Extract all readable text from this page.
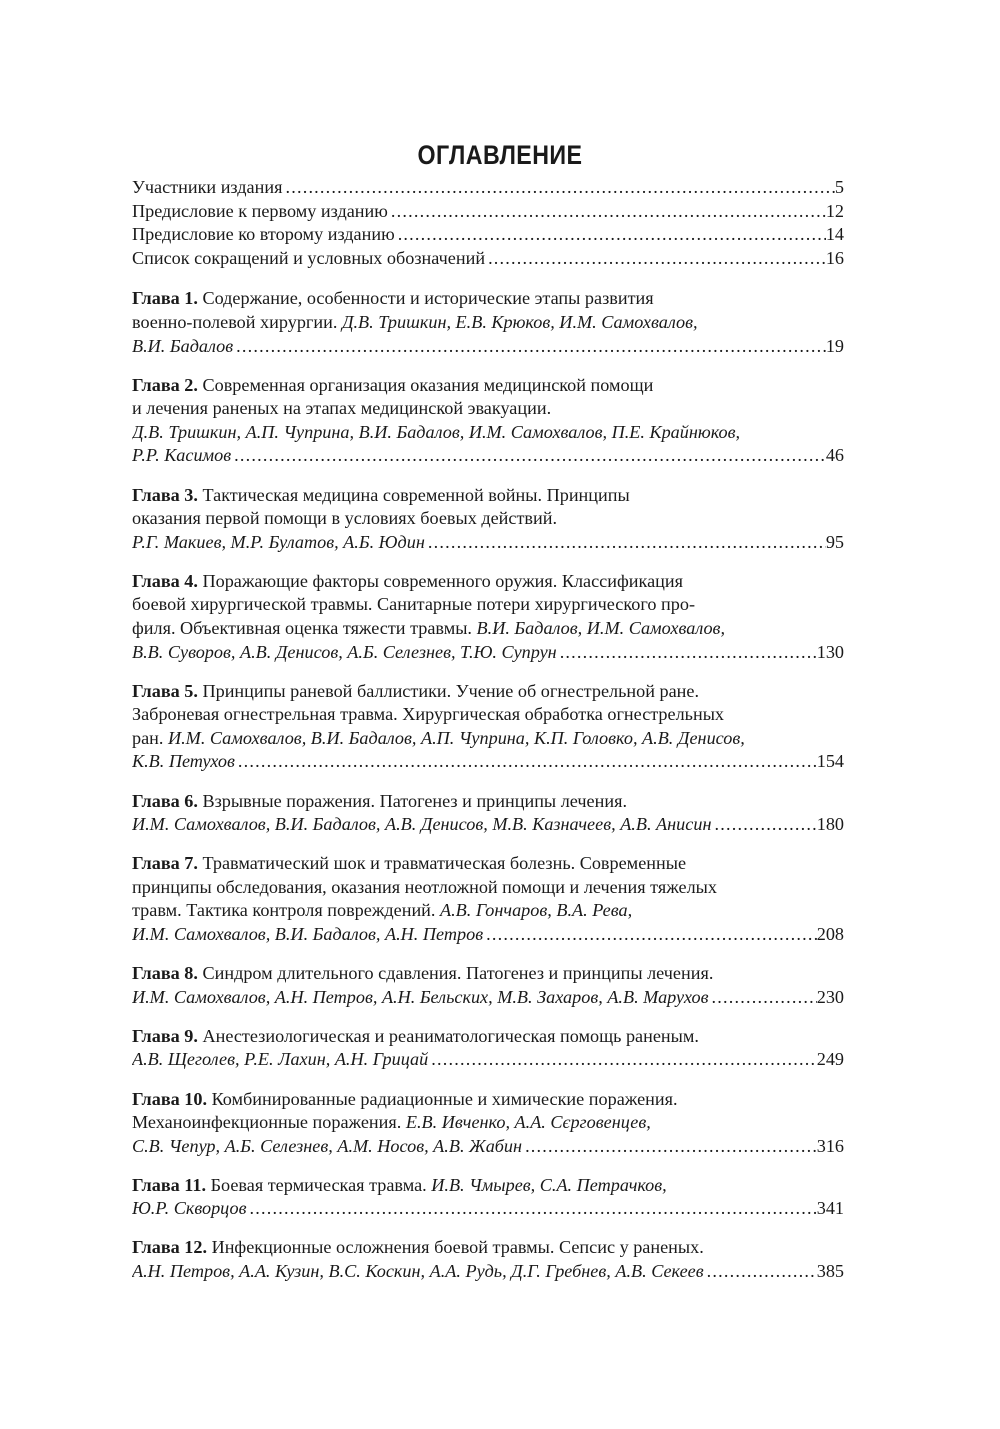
ОГЛАВЛЕНИЕ
Участники издания .....	5
Предисловие к первому изданию .....	12
Предисловие ко второму изданию .....	14
Список сокращений и условных обозначений .....	16
Глава 1. Содержание, особенности и исторические этапы развития
военно-полевой хирургии. Д.В. Тришкин, Е.В. Крюков, И.М. Самохвалов,
В.И. Бадалов .....	19
Глава 2. Современная организация оказания медицинской помощи
и лечения раненых на этапах медицинской эвакуации.
Д.В. Тришкин, А.П. Чуприна, В.И. Бадалов, И.М. Самохвалов, П.Е. Крайнюков,
Р.Р. Касимов .....	46
Глава 3. Тактическая медицина современной войны. Принципы
оказания первой помощи в условиях боевых действий.
Р.Г. Макиев, М.Р. Булатов, А.Б. Юдин .....	95
Глава 4. Поражающие факторы современного оружия. Классификация
боевой хирургической травмы. Санитарные потери хирургического про-
филя. Объективная оценка тяжести травмы. В.И. Бадалов, И.М. Самохвалов,
В.В. Суворов, А.В. Денисов, А.Б. Селезнев, Т.Ю. Супрун .....	130
Глава 5. Принципы раневой баллистики. Учение об огнестрельной ране.
Заброневая огнестрельная травма. Хирургическая обработка огнестрельных
ран. И.М. Самохвалов, В.И. Бадалов, А.П. Чуприна, К.П. Головко, А.В. Денисов,
К.В. Петухов .....	154
Глава 6. Взрывные поражения. Патогенез и принципы лечения.
И.М. Самохвалов, В.И. Бадалов, А.В. Денисов, М.В. Казначеев, А.В. Анисин .....	180
Глава 7. Травматический шок и травматическая болезнь. Современные
принципы обследования, оказания неотложной помощи и лечения тяжелых
травм. Тактика контроля повреждений. А.В. Гончаров, В.А. Рева,
И.М. Самохвалов, В.И. Бадалов, А.Н. Петров .....	208
Глава 8. Синдром длительного сдавления. Патогенез и принципы лечения.
И.М. Самохвалов, А.Н. Петров, А.Н. Бельских, М.В. Захаров, А.В. Марухов .....	230
Глава 9. Анестезиологическая и реаниматологическая помощь раненым.
А.В. Щеголев, Р.Е. Лахин, А.Н. Грицай .....	249
Глава 10. Комбинированные радиационные и химические поражения.
Механоинфекционные поражения. Е.В. Ивченко, А.А. Сєрговенцев,
С.В. Чепур, А.Б. Селезнев, А.М. Носов, А.В. Жабин .....	316
Глава 11. Боевая термическая травма. И.В. Чмырев, С.А. Петрачков,
Ю.Р. Скворцов .....	341
Глава 12. Инфекционные осложнения боевой травмы. Сепсис у раненых.
А.Н. Петров, А.А. Кузин, В.С. Коскин, А.А. Рудь, Д.Г. Гребнев, А.В. Секеев .....	385
